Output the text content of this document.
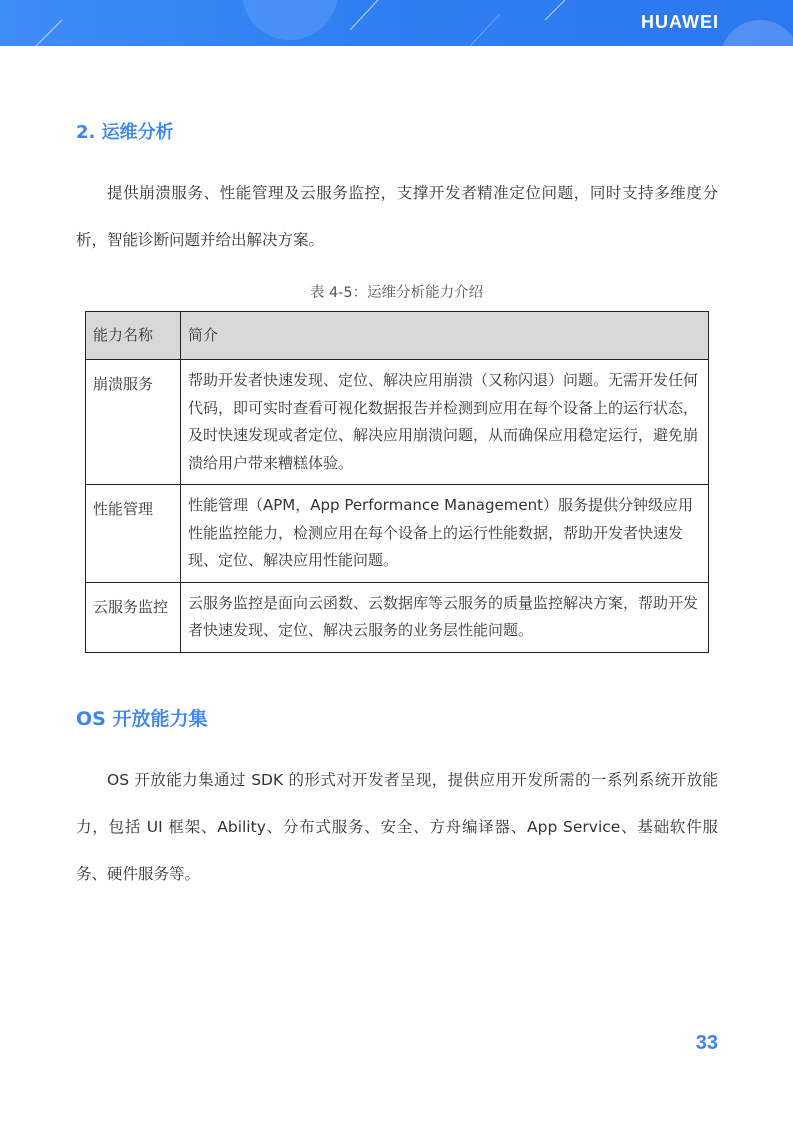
HUAWEI
2. 运维分析

提供崩溃服务、性能管理及云服务监控，支撑开发者精准定位问题，同时支持多维度分析，智能诊断问题并给出解决方案。

表 4-5：运维分析能力介绍
能力名称	简介
崩溃服务	帮助开发者快速发现、定位、解决应用崩溃（又称闪退）问题。无需开发任何代码，即可实时查看可视化数据报告并检测到应用在每个设备上的运行状态，及时快速发现或者定位、解决应用崩溃问题，从而确保应用稳定运行，避免崩溃给用户带来糟糕体验。
性能管理	性能管理（APM，App Performance Management）服务提供分钟级应用性能监控能力，检测应用在每个设备上的运行性能数据，帮助开发者快速发现、定位、解决应用性能问题。
云服务监控	云服务监控是面向云函数、云数据库等云服务的质量监控解决方案，帮助开发者快速发现、定位、解决云服务的业务层性能问题。
OS 开放能力集

OS 开放能力集通过 SDK 的形式对开发者呈现，提供应用开发所需的一系列系统开放能力，包括 UI 框架、Ability、分布式服务、安全、方舟编译器、App Service、基础软件服务、硬件服务等。

33
